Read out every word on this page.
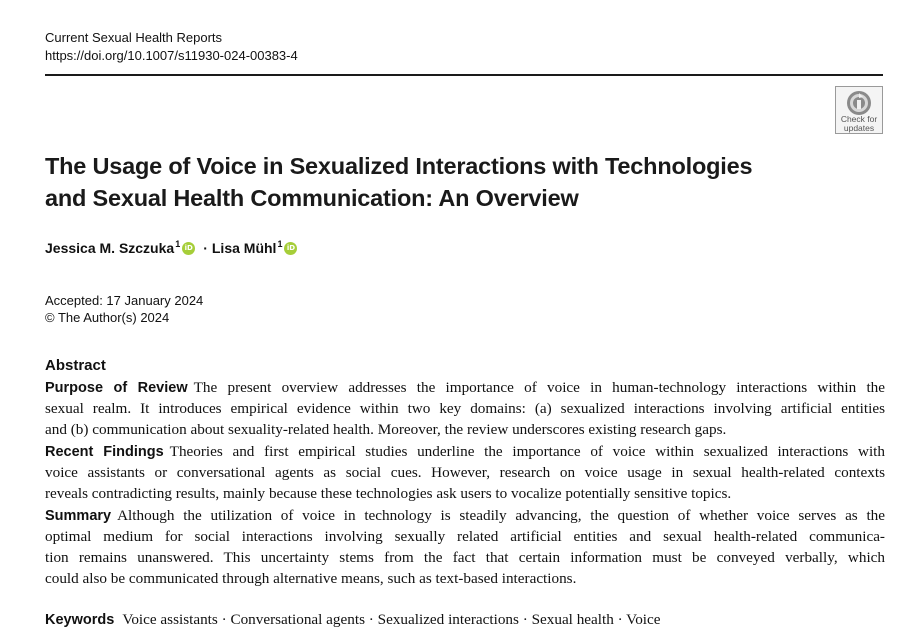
Current Sexual Health Reports
https://doi.org/10.1007/s11930-024-00383-4
Check for
updates
The Usage of Voice in Sexualized Interactions with Technologies
and Sexual Health Communication: An Overview
Jessica M. Szczuka$^1$ iD · Lisa Mühl$^1$ iD
Accepted: 17 January 2024
© The Author(s) 2024
Abstract
Purpose of Review The present overview addresses the importance of voice in human-technology interactions within the
sexual realm. It introduces empirical evidence within two key domains: (a) sexualized interactions involving artificial entities
and (b) communication about sexuality-related health. Moreover, the review underscores existing research gaps.
Recent Findings Theories and first empirical studies underline the importance of voice within sexualized interactions with
voice assistants or conversational agents as social cues. However, research on voice usage in sexual health-related contexts
reveals contradicting results, mainly because these technologies ask users to vocalize potentially sensitive topics.
Summary Although the utilization of voice in technology is steadily advancing, the question of whether voice serves as the
optimal medium for social interactions involving sexually related artificial entities and sexual health-related communica-
tion remains unanswered. This uncertainty stems from the fact that certain information must be conveyed verbally, which
could also be communicated through alternative means, such as text-based interactions.
Keywords Voice assistants · Conversational agents · Sexualized interactions · Sexual health · Voice
